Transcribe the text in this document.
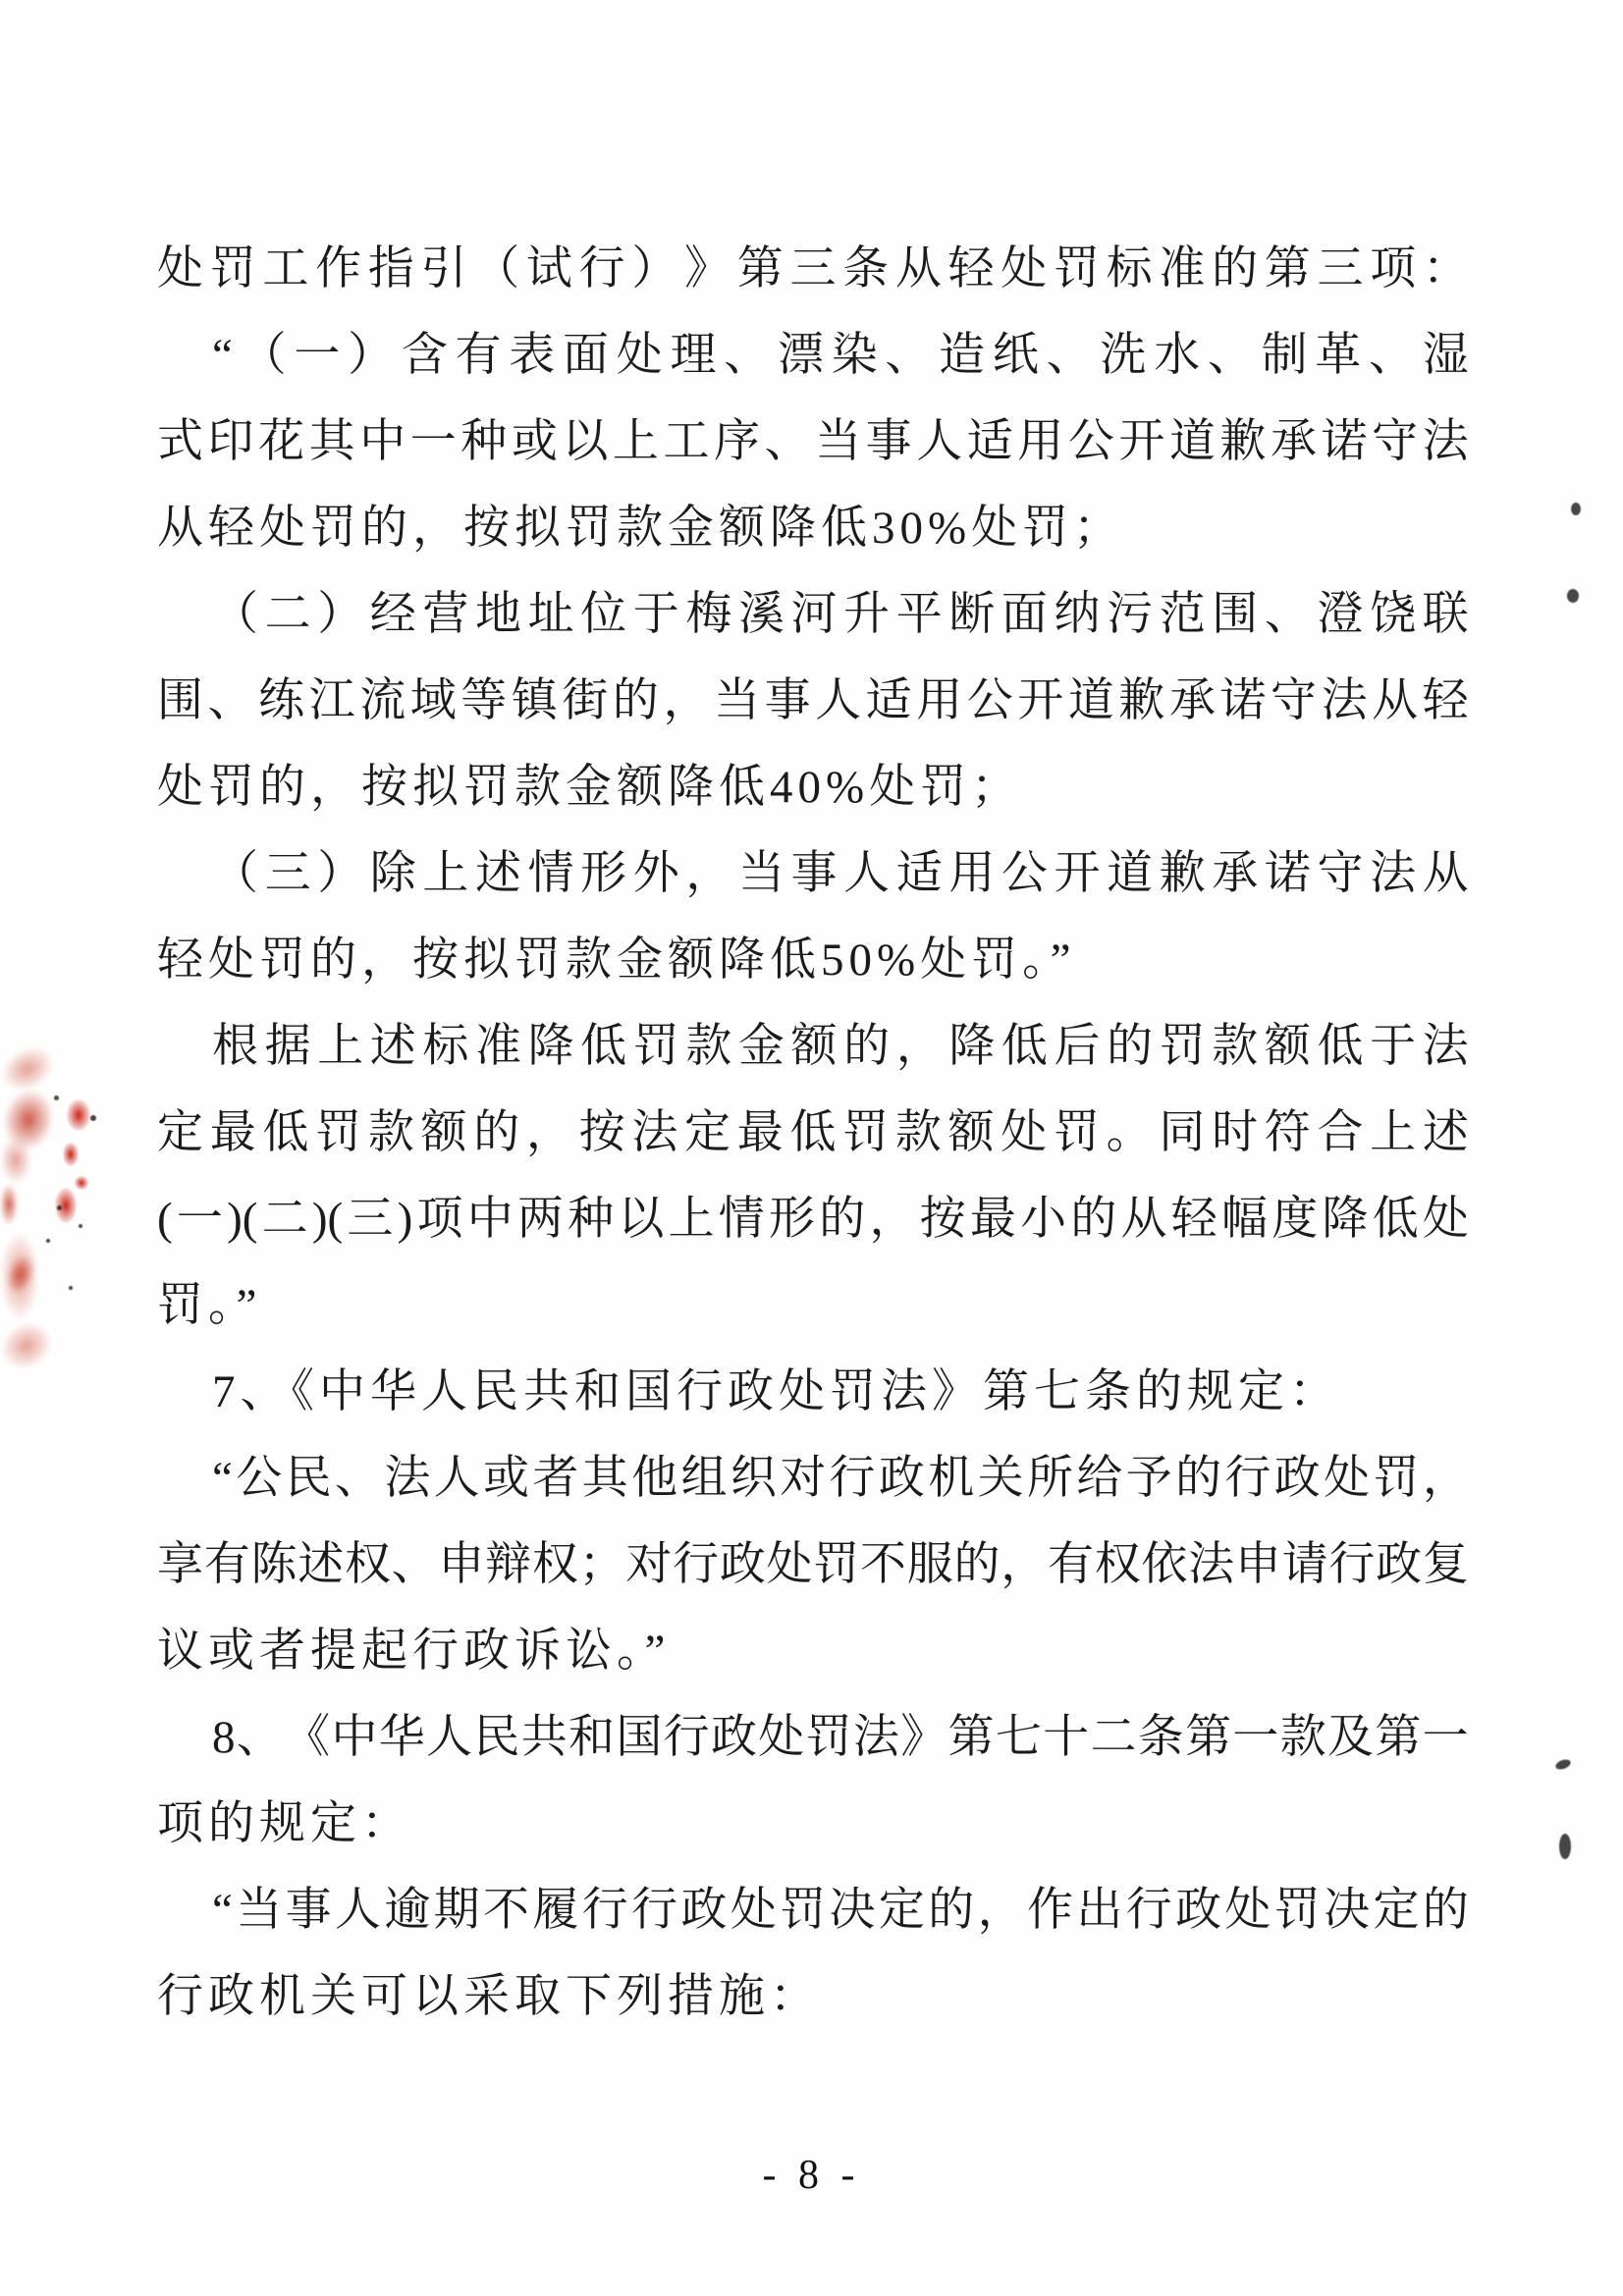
处 罚 工 作 指 引 （ 试 行 ） 》 第 三 条 从 轻 处 罚 标 准 的 第 三 项 ：
“ （ 一 ） 含 有 表 面 处 理 、 漂 染 、 造 纸 、 洗 水 、 制 革 、 湿
式 印 花 其 中 一 种 或 以 上 工 序 、 当 事 人 适 用 公 开 道 歉 承 诺 守 法
从轻处罚的，按拟罚款金额降低30%处罚；
（ 二 ） 经 营 地 址 位 于 梅 溪 河 升 平 断 面 纳 污 范 围 、 澄 饶 联
围 、 练 江 流 域 等 镇 街 的 ， 当 事 人 适 用 公 开 道 歉 承 诺 守 法 从 轻
处罚的，按拟罚款金额降低40%处罚；
（ 三 ） 除 上 述 情 形 外 ， 当 事 人 适 用 公 开 道 歉 承 诺 守 法 从
轻处罚的，按拟罚款金额降低50%处罚。”
根 据 上 述 标 准 降 低 罚 款 金 额 的 ， 降 低 后 的 罚 款 额 低 于 法
定 最 低 罚 款 额 的 ， 按 法 定 最 低 罚 款 额 处 罚 。 同 时 符 合 上 述
( 一 )( 二 )( 三 ) 项 中 两 种 以 上 情 形 的 ， 按 最 小 的 从 轻 幅 度 降 低 处
罚。”
7、《中华人民共和国行政处罚法》第七条的规定：
“ 公 民 、 法 人 或 者 其 他 组 织 对 行 政 机 关 所 给 予 的 行 政 处 罚 ，
享 有 陈 述 权 、 申 辩 权 ； 对 行 政 处 罚 不 服 的 ， 有 权 依 法 申 请 行 政 复
议或者提起行政诉讼。”
8 、 《 中 华 人 民 共 和 国 行 政 处 罚 法 》 第 七 十 二 条 第 一 款 及 第 一
项的规定：
“ 当 事 人 逾 期 不 履 行 行 政 处 罚 决 定 的 ， 作 出 行 政 处 罚 决 定 的
行政机关可以采取下列措施：
- 8 -
